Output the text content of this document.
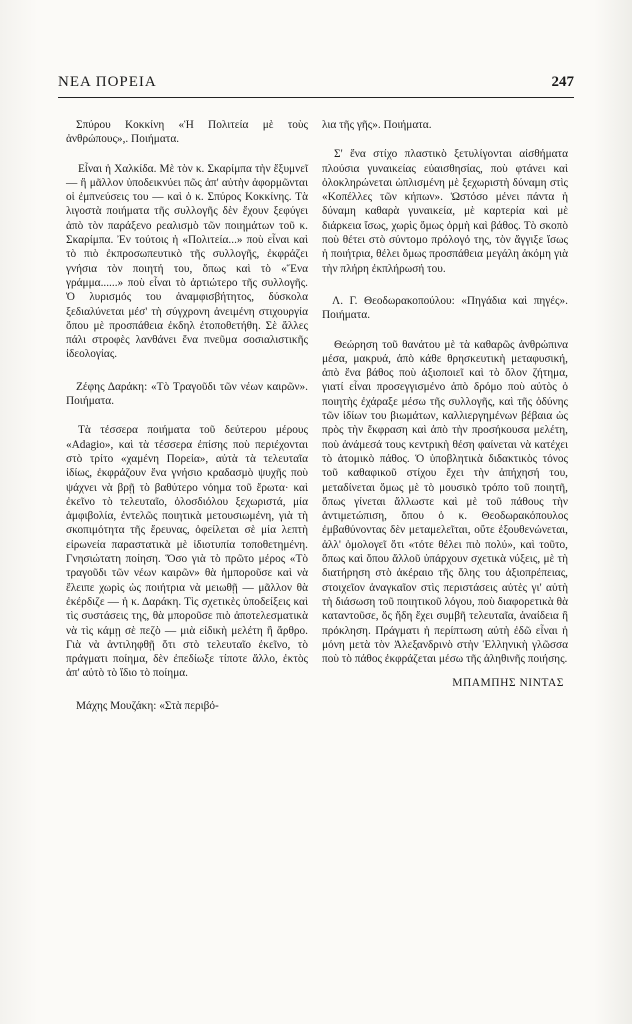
ΝΕΑ ΠΟΡΕΙΑ	247

Σπύρου Κοκκίνη «Ἡ Πολιτεία μὲ τοὺς ἀνθρώπους»,. Ποιήματα.

Εἶναι ἡ Χαλκίδα. Μὲ τὸν κ. Σκαρίμπα τὴν ἔξυμνεῖ — ἢ μᾶλλον ὑποδεικνύει πῶς ἀπ' αὐτὴν ἀφορμῶνται οἱ ἐμπνεύσεις του — καὶ ὁ κ. Σπύρος Κοκκίνης. Τὰ λιγοστὰ ποιήματα τῆς συλλογῆς δὲν ἔχουν ξεφύγει ἀπὸ τὸν παράξενο ρεαλισμὸ τῶν ποιημάτων τοῦ κ. Σκαρίμπα. Ἐν τούτοις ἡ «Πολιτεία...» ποὺ εἶναι καὶ τὸ πιὸ ἐκπροσωπευτικὸ τῆς συλλογῆς, ἐκφράζει γνήσια τὸν ποιητή του, ὅπως καὶ τὸ «Ἕνα γράμμα......» ποὺ εἶναι τὸ ἀρτιώτερο τῆς συλλογῆς. Ὁ λυρισμός του ἀναμφισβήτητος, δύσκολα ξεδιαλύνεται μέσ' τὴ σύγχρονη ἀνειμένη στιχουργία ὅπου μὲ προσπάθεια ἐκδηλ ἐτοποθετήθη. Σὲ ἄλλες πάλι στροφὲς λανθάνει ἕνα πνεῦμα σοσιαλιστικῆς ἰδεολογίας.

Ζέφης Δαράκη: «Τὸ Τραγοῦδι τῶν νέων καιρῶν». Ποιήματα.

Τὰ τέσσερα ποιήματα τοῦ δεύτερου μέρους «Adagio», καὶ τὰ τέσσερα ἐπίσης ποὺ περιέχονται στὸ τρίτο «χαμένη Πορεία», αὐτὰ τὰ τελευταῖα ἰδίως, ἐκφράζουν ἕνα γνήσιο κραδασμὸ ψυχῆς ποὺ ψάχνει νὰ βρῇ τὸ βαθύτερο νόημα τοῦ ἔρωτα· καὶ ἐκεῖνο τὸ τελευταῖο, ὁλοσδιόλου ξεχωριστά, μία ἀμφιβολία, ἐντελῶς ποιητικὰ μετουσιωμένη, γιὰ τὴ σκοπιμότητα τῆς ἔρευνας, ὀφείλεται σὲ μία λεπτὴ εἰρωνεία παραστατικὰ μὲ ἰδιοτυπία τοποθετημένη. Γνησιώτατη ποίηση. Ὅσο γιὰ τὸ πρῶτο μέρος «Τὸ τραγοῦδι τῶν νέων καιρῶν» θὰ ἠμποροῦσε καὶ νὰ ἔλειπε χωρὶς ὡς ποιήτρια νὰ μειωθῇ — μᾶλλον θὰ ἐκέρδιζε — ἡ κ. Δαράκη. Τὶς σχετικὲς ὑποδείξεις καὶ τὶς συστάσεις της, θὰ μποροῦσε πιὸ ἀποτελεσματικὰ νὰ τὶς κάμῃ σὲ πεζὸ — μιὰ εἰδικὴ μελέτη ἢ ἄρθρο. Γιὰ νὰ ἀντιληφθῇ ὅτι στὸ τελευταῖο ἐκεῖνο, τὸ πράγματι ποίημα, δὲν ἐπεδίωξε τίποτε ἄλλο, ἐκτὸς ἀπ' αὐτὸ τὸ ἴδιο τὸ ποίημα.

Μάχης Μουζάκη: «Στὰ περιβό-

λια τῆς γῆς». Ποιήματα.

Σ' ἕνα στίχο πλαστικὸ ξετυλίγονται αἰσθήματα πλούσια γυναικείας εὐαισθησίας, ποὺ φτάνει καὶ ὁλοκληρώνεται ὡπλισμένη μὲ ξεχωριστὴ δύναμη στὶς «Κοπέλλες τῶν κήπων». Ὡστόσο μένει πάντα ἡ δύναμη καθαρὰ γυναικεία, μὲ καρτερία καὶ μὲ διάρκεια ἴσως, χωρὶς ὅμως ὁρμὴ καὶ βάθος. Τὸ σκοπὸ ποὺ θέτει στὸ σύντομο πρόλογό της, τὸν ἄγγιξε ἴσως ἡ ποιήτρια, θέλει ὅμως προσπάθεια μεγάλη ἀκόμη γιὰ τὴν πλήρη ἐκπλήρωσή του.

Λ. Γ. Θεοδωρακοπούλου: «Πηγάδια καὶ πηγές». Ποιήματα.

Θεώρηση τοῦ θανάτου μὲ τὰ καθαρῶς ἀνθρώπινα μέσα, μακρυά, ἀπὸ κάθε θρησκευτικὴ μεταφυσική, ἀπὸ ἕνα βάθος ποὺ ἀξιοποιεῖ καὶ τὸ ὅλον ζήτημα, γιατί εἶναι προσεγγισμένο ἀπὸ δρόμο ποὺ αὐτὸς ὁ ποιητὴς ἐχάραξε μέσω τῆς συλλογῆς, καὶ τῆς ὀδύνης τῶν ἰδίων του βιωμάτων, καλλιεργημένων βέβαια ὡς πρὸς τὴν ἔκφραση καὶ ἀπὸ τὴν προσήκουσα μελέτη, ποὺ ἀνάμεσά τους κεντρικὴ θέση φαίνεται νὰ κατέχει τὸ ἀτομικὸ πάθος. Ὁ ὑποβλητικὰ διδακτικὸς τόνος τοῦ καθαφικοῦ στίχου ἔχει τὴν ἀπήχησή του, μεταδίνεται ὅμως μὲ τὸ μουσικὸ τρόπο τοῦ ποιητῆ, ὅπως γίνεται ἄλλωστε καὶ μὲ τοῦ πάθους τὴν ἀντιμετώπιση, ὅπου ὁ κ. Θεοδωρακόπουλος ἐμβαθύνοντας δὲν μεταμελεῖται, οὔτε ἐξουθενώνεται, ἀλλ' ὁμολογεῖ ὅτι «τότε θέλει πιὸ πολύ», καὶ τοῦτο, ὅπως καὶ ὅπου ἄλλοῦ ὑπάρχουν σχετικὰ νύξεις, μὲ τὴ διατήρηση στὸ ἀκέραιο τῆς ὅλης του ἀξιοπρέπειας, στοιχεῖον ἀναγκαῖον στὶς περιστάσεις αὐτὲς γι' αὐτὴ τὴ διάσωση τοῦ ποιητικοῦ λόγου, ποὺ διαφορετικὰ θὰ καταντοῦσε, ὅς ἤδη ἔχει συμβῆ τελευταῖα, ἀναίδεια ἢ πρόκληση. Πράγματι ἡ περίπτωση αὐτὴ ἐδῶ εἶναι ἡ μόνη μετὰ τὸν Ἀλεξανδρινὸ στὴν Ἑλληνικὴ γλῶσσα ποὺ τὸ πάθος ἐκφράζεται μέσω τῆς ἀληθινῆς ποιήσης.

ΜΠΑΜΠΗΣ ΝΙΝΤΑΣ
